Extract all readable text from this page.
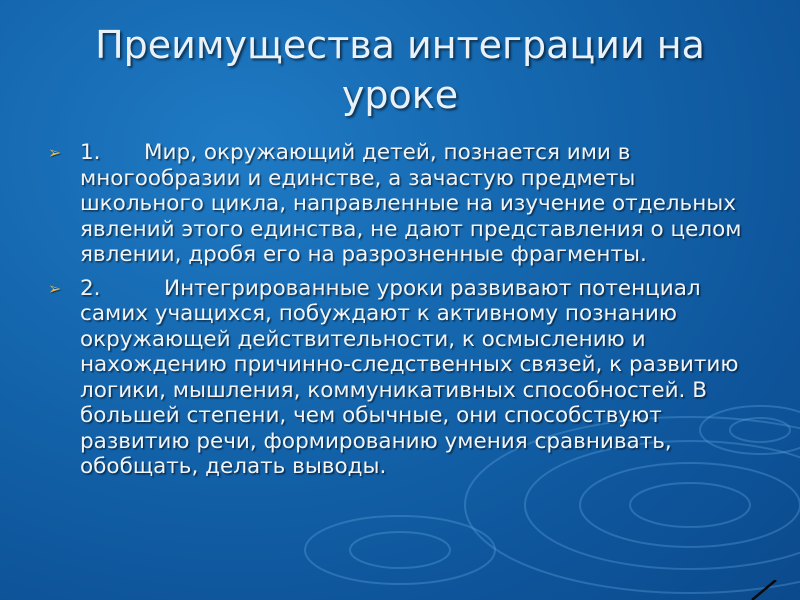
Преимущества интеграции на уроке
➢ 1. Мир, окружающий детей, познается ими в многообразии и единстве, а зачастую предметы школьного цикла, направленные на изучение отдельных явлений этого единства, не дают представления о целом явлении, дробя его на разрозненные фрагменты.
➢ 2.	Интегрированные уроки развивают потенциал самих учащихся, побуждают к активному познанию окружающей действительности, к осмыслению и нахождению причинно-следственных связей, к развитию логики, мышления, коммуникативных способностей. В большей степени, чем обычные, они способствуют развитию речи, формированию умения сравнивать, обобщать, делать выводы.
